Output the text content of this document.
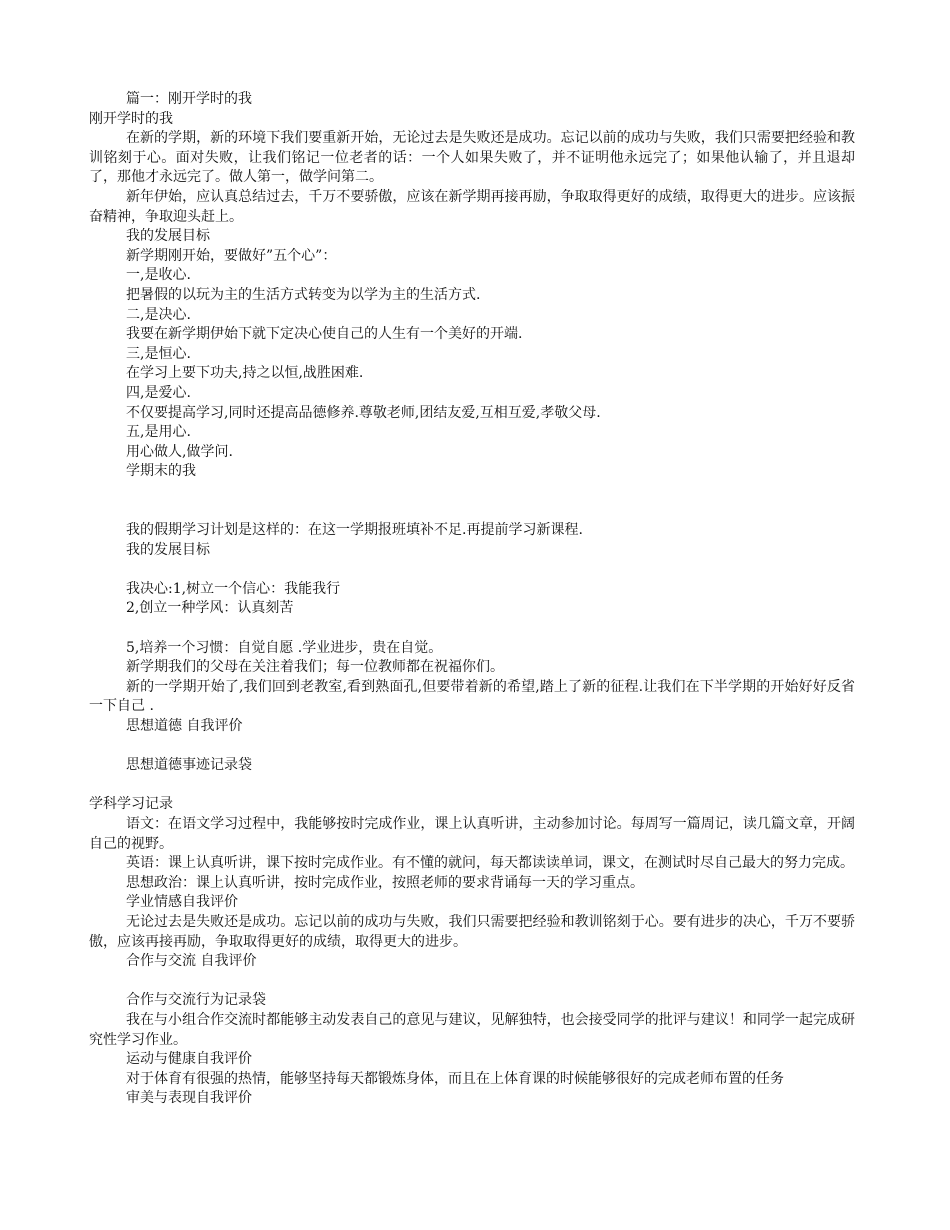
篇一：刚开学时的我

刚开学时的我

在新的学期，新的环境下我们要重新开始，无论过去是失败还是成功。忘记以前的成功与失败，我们只需要把经验和教训铭刻于心。面对失败，让我们铭记一位老者的话：一个人如果失败了，并不证明他永远完了；如果他认输了，并且退却了，那他才永远完了。做人第一，做学问第二。

新年伊始，应认真总结过去，千万不要骄傲，应该在新学期再接再励，争取取得更好的成绩，取得更大的进步。应该振奋精神，争取迎头赶上。

我的发展目标

新学期刚开始，要做好”五个心”：

一,是收心.

把暑假的以玩为主的生活方式转变为以学为主的生活方式.

二,是决心.

我要在新学期伊始下就下定决心使自己的人生有一个美好的开端.

三,是恒心.

在学习上要下功夫,持之以恒,战胜困难.

四,是爱心.

不仅要提高学习,同时还提高品德修养.尊敬老师,团结友爱,互相互爱,孝敬父母.

五,是用心.

用心做人,做学问.

学期末的我

我的假期学习计划是这样的：在这一学期报班填补不足.再提前学习新课程.

我的发展目标

我决心:1,树立一个信心：我能我行

2,创立一种学风：认真刻苦

5,培养一个习惯：自觉自愿 .学业进步，贵在自觉。

新学期我们的父母在关注着我们；每一位教师都在祝福你们。

新的一学期开始了,我们回到老教室,看到熟面孔,但要带着新的希望,踏上了新的征程.让我们在下半学期的开始好好反省一下自己 .

思想道德 自我评价

思想道德事迹记录袋

学科学习记录

语文：在语文学习过程中，我能够按时完成作业，课上认真听讲，主动参加讨论。每周写一篇周记，读几篇文章，开阔自己的视野。

英语：课上认真听讲，课下按时完成作业。有不懂的就问，每天都读读单词，课文，在测试时尽自己最大的努力完成。

思想政治：课上认真听讲，按时完成作业，按照老师的要求背诵每一天的学习重点。

学业情感自我评价

无论过去是失败还是成功。忘记以前的成功与失败，我们只需要把经验和教训铭刻于心。要有进步的决心，千万不要骄傲，应该再接再励，争取取得更好的成绩，取得更大的进步。

合作与交流 自我评价

合作与交流行为记录袋

我在与小组合作交流时都能够主动发表自己的意见与建议，见解独特，也会接受同学的批评与建议！和同学一起完成研究性学习作业。

运动与健康自我评价

对于体育有很强的热情，能够坚持每天都锻炼身体，而且在上体育课的时候能够很好的完成老师布置的任务

审美与表现自我评价
